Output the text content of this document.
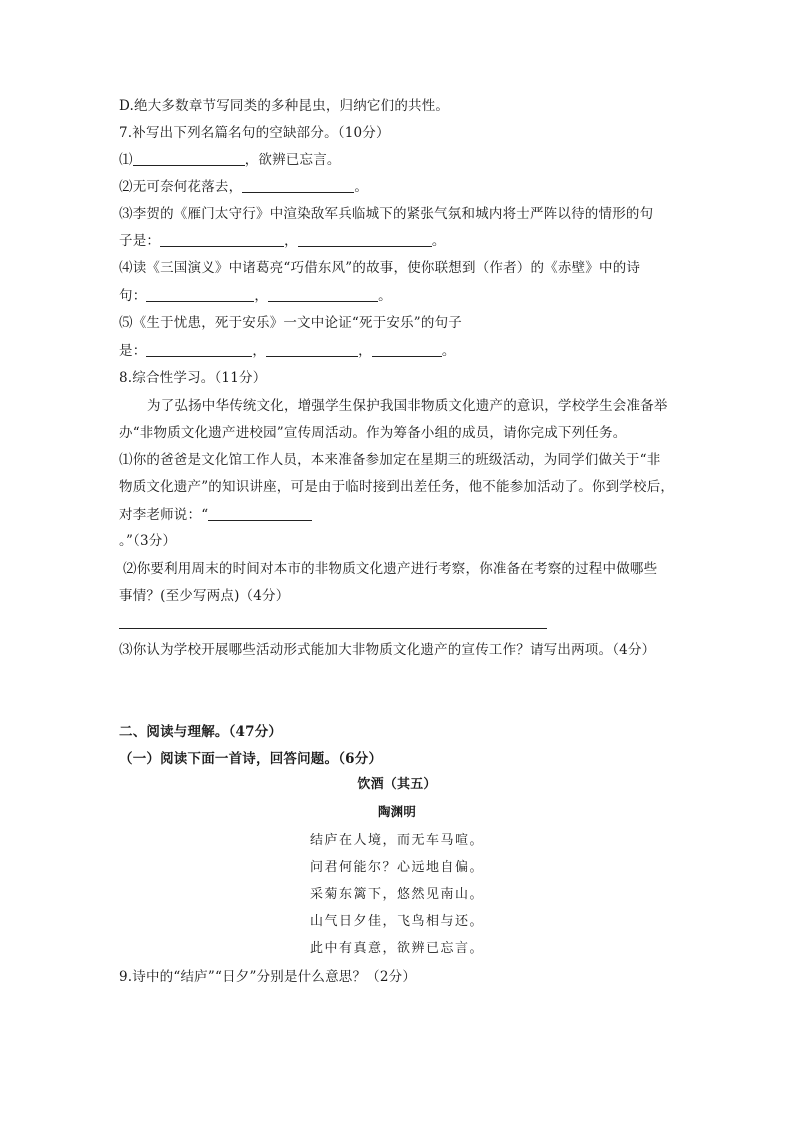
D.绝大多数章节写同类的多种昆虫，归纳它们的共性。
7.补写出下列名篇名句的空缺部分。（10分）
⑴	，欲辨已忘言。
⑵无可奈何花落去，	。
⑶李贺的《雁门太守行》中渲染敌军兵临城下的紧张气氛和城内将士严阵以待的情形的句
子是：	，	。
⑷读《三国演义》中诸葛亮“巧借东风”的故事，使你联想到（作者）的《赤壁》中的诗
句：	，	。
⑸《生于忧患，死于安乐》一文中论证“死于安乐”的句子
是：	，	，	。
8.综合性学习。（11分）
为了弘扬中华传统文化，增强学生保护我国非物质文化遗产的意识，学校学生会准备举
办“非物质文化遗产进校园”宣传周活动。作为筹备小组的成员，请你完成下列任务。
⑴你的爸爸是文化馆工作人员，本来准备参加定在星期三的班级活动，为同学们做关于“非
物质文化遗产”的知识讲座，可是由于临时接到出差任务，他不能参加活动了。你到学校后，
对李老师说：“
。”（3分）
⑵你要利用周末的时间对本市的非物质文化遗产进行考察，你准备在考察的过程中做哪些
事情？(至少写两点)（4分）
⑶你认为学校开展哪些活动形式能加大非物质文化遗产的宣传工作？请写出两项。（4分）
二、阅读与理解。（47分）
（一）阅读下面一首诗，回答问题。（6分）
饮酒（其五）
陶渊明
结庐在人境，而无车马喧。
问君何能尔？心远地自偏。
采菊东篱下，悠然见南山。
山气日夕佳，飞鸟相与还。
此中有真意，欲辨已忘言。
9.诗中的“结庐”“日夕”分别是什么意思？（2分）
